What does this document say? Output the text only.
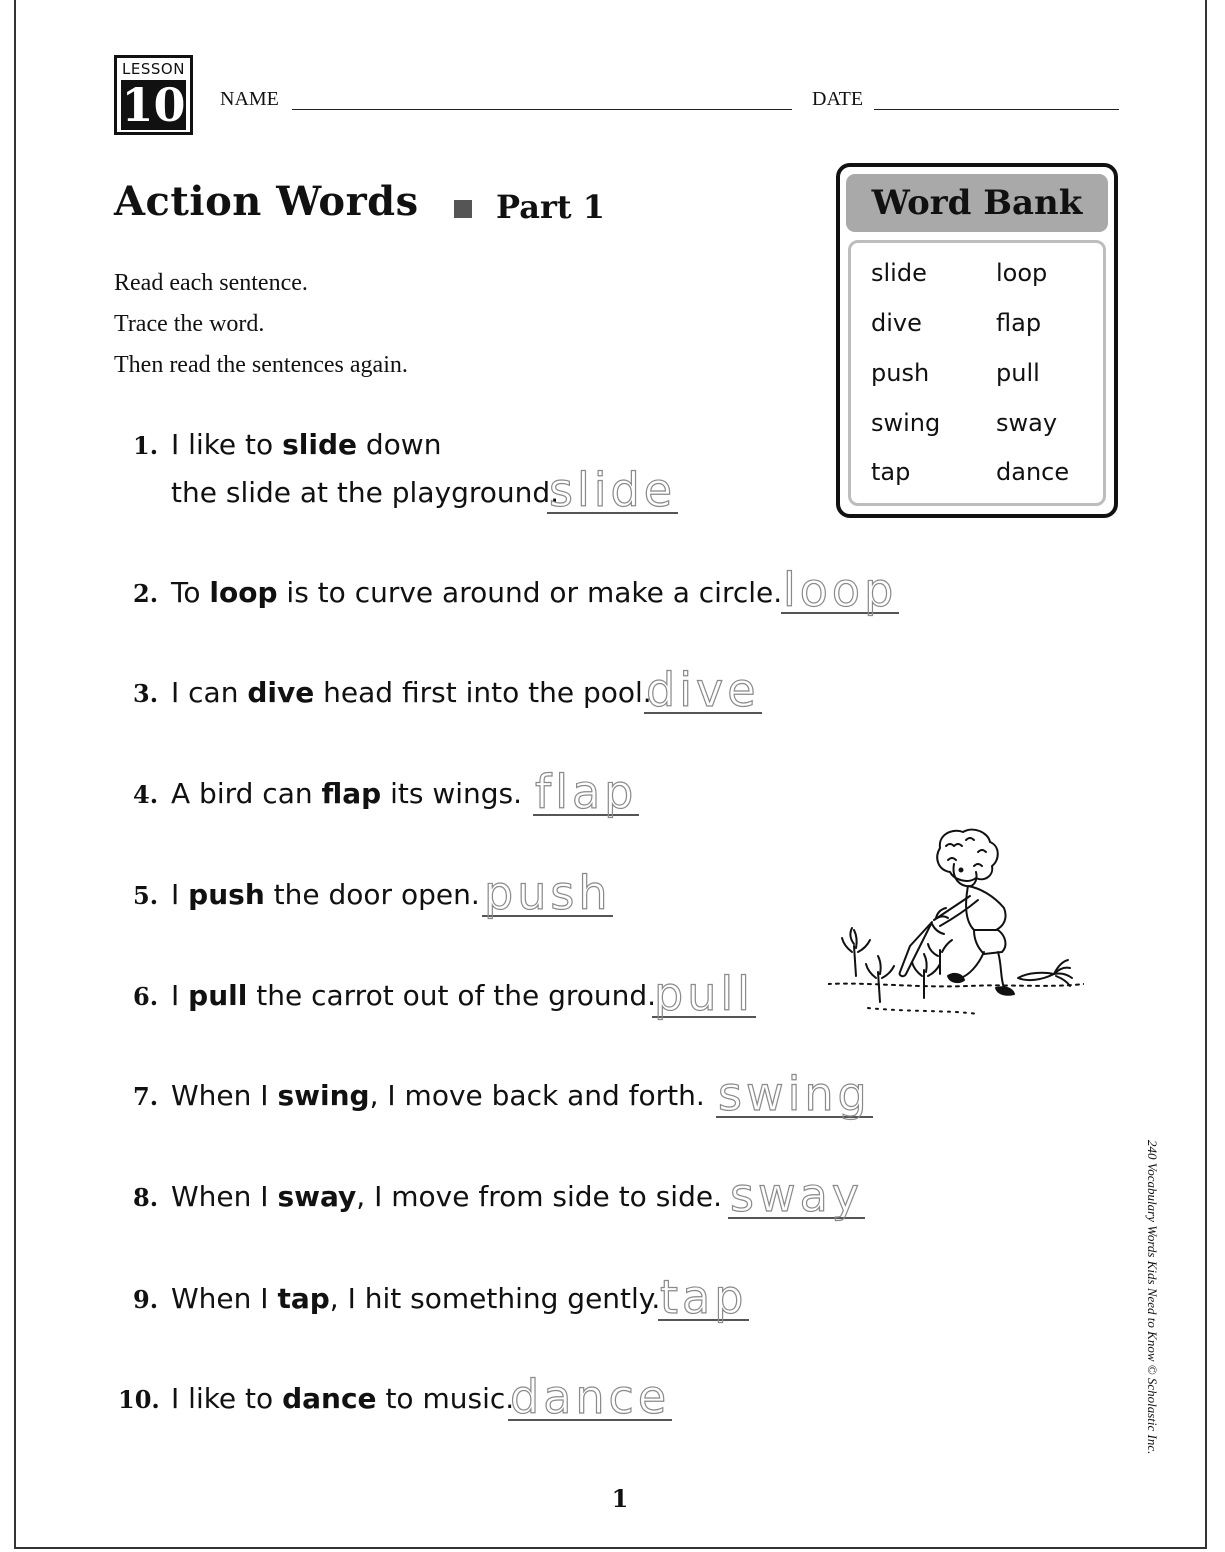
LESSON
10 NAME	DATE
Action Words Part 1
Read each sentence.
Trace the word.
Then read the sentences again.
Word Bank
slide	loop
dive	flap
push	pull
swing sway
tap	dance
1. I like to slide down
the slide at the playground.
slide
2. To loop is to curve around or make a circle. loop
3. I can dive head first into the pool.
dive
4. A bird can flap its wings. flap
5. I push the door open. push
6. I pull the carrot out of the ground.
pull
7. When I swing, I move back and forth. swing
8. When I sway, I move from side to side. sway
9. When I tap, I hit something gently. tap
10. I like to dance to music.
dance
1
240 Vocabulary Words Kids Need to Know © Scholastic Inc.
